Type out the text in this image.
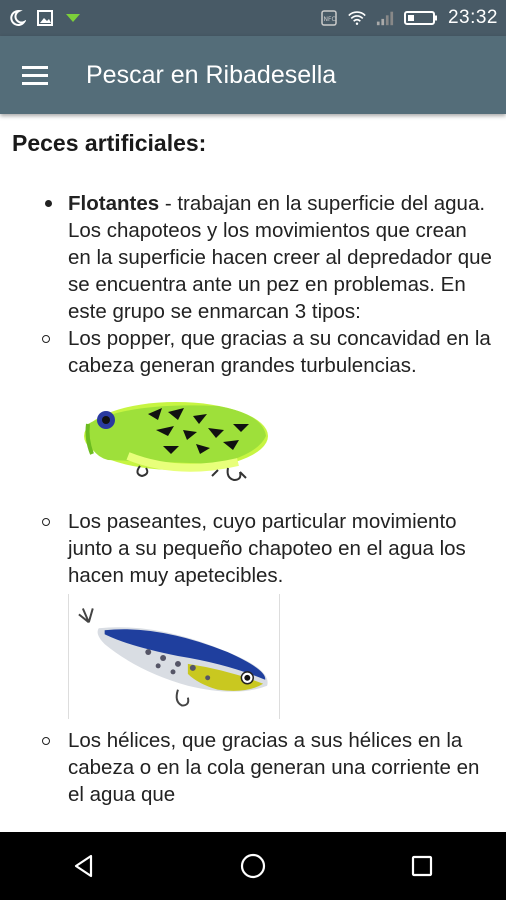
NFC	23:32
Pescar en Ribadesella
Peces artificiales:
Flotantes - trabajan en la superficie del agua. Los chapoteos y los movimientos que crean en la superficie hacen creer al depredador que se encuentra ante un pez en problemas. En este grupo se enmarcan 3 tipos:
Los popper, que gracias a su concavidad en la cabeza generan grandes turbulencias.
Los paseantes, cuyo particular movimiento junto a su pequeño chapoteo en el agua los hacen muy apetecibles.
Los hélices, que gracias a sus hélices en la cabeza o en la cola generan una corriente en el agua que
